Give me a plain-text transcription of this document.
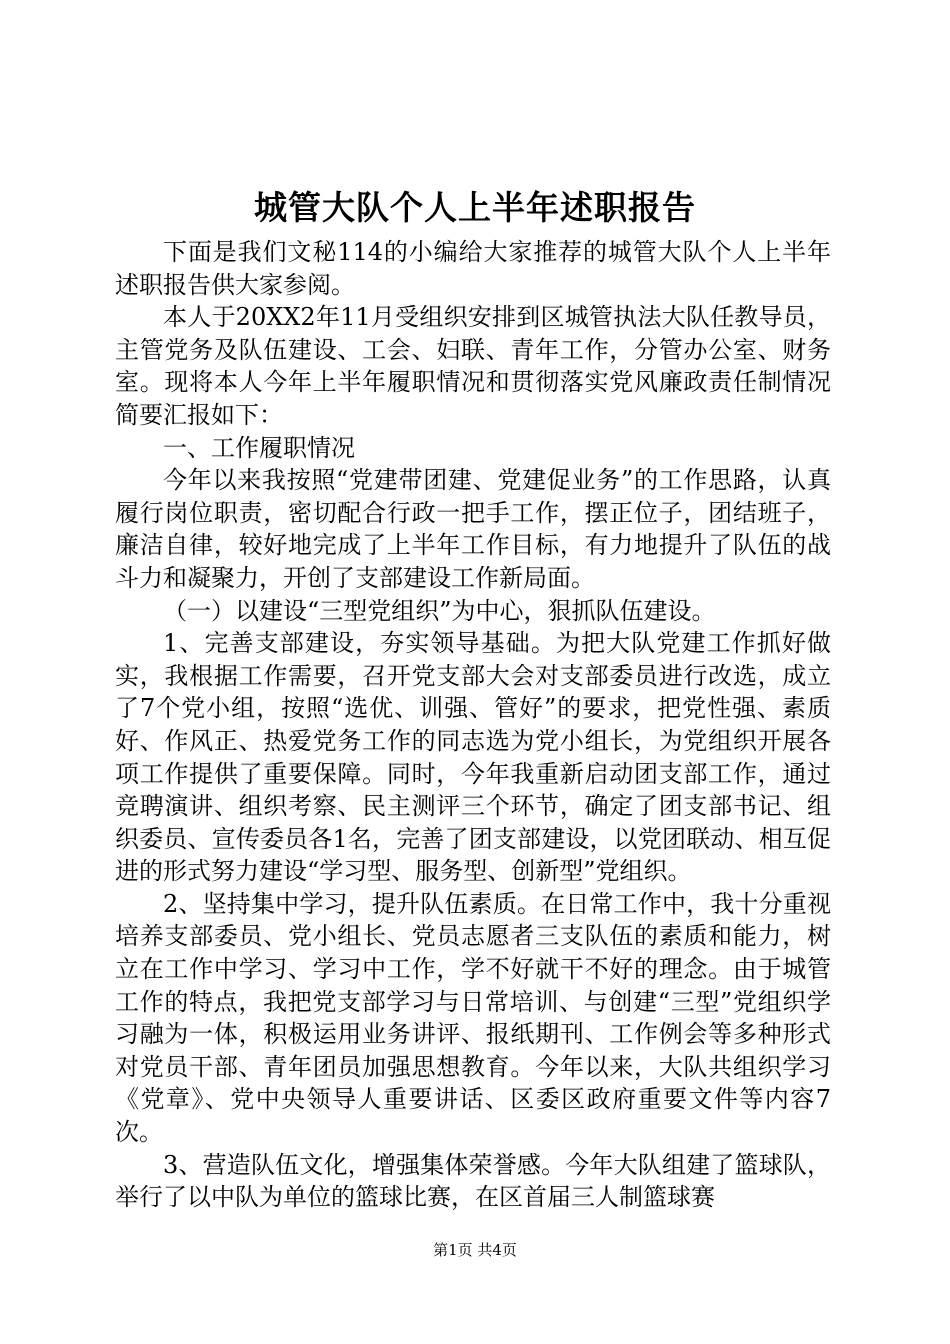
城管大队个人上半年述职报告

下面是我们文秘114的小编给大家推荐的城管大队个人上半年述职报告供大家参阅。

本人于20XX2年11月受组织安排到区城管执法大队任教导员，主管党务及队伍建设、工会、妇联、青年工作，分管办公室、财务室。现将本人今年上半年履职情况和贯彻落实党风廉政责任制情况简要汇报如下：

一、工作履职情况

今年以来我按照“党建带团建、党建促业务”的工作思路，认真履行岗位职责，密切配合行政一把手工作，摆正位子，团结班子，廉洁自律，较好地完成了上半年工作目标，有力地提升了队伍的战斗力和凝聚力，开创了支部建设工作新局面。

（一）以建设“三型党组织”为中心，狠抓队伍建设。

1、完善支部建设，夯实领导基础。为把大队党建工作抓好做实，我根据工作需要，召开党支部大会对支部委员进行改选，成立了7个党小组，按照“选优、训强、管好”的要求，把党性强、素质好、作风正、热爱党务工作的同志选为党小组长，为党组织开展各项工作提供了重要保障。同时，今年我重新启动团支部工作，通过竞聘演讲、组织考察、民主测评三个环节，确定了团支部书记、组织委员、宣传委员各1名，完善了团支部建设，以党团联动、相互促进的形式努力建设“学习型、服务型、创新型”党组织。

2、坚持集中学习，提升队伍素质。在日常工作中，我十分重视培养支部委员、党小组长、党员志愿者三支队伍的素质和能力，树立在工作中学习、学习中工作，学不好就干不好的理念。由于城管工作的特点，我把党支部学习与日常培训、与创建“三型”党组织学习融为一体，积极运用业务讲评、报纸期刊、工作例会等多种形式对党员干部、青年团员加强思想教育。今年以来，大队共组织学习《党章》、党中央领导人重要讲话、区委区政府重要文件等内容7次。

3、营造队伍文化，增强集体荣誉感。今年大队组建了篮球队，举行了以中队为单位的篮球比赛，在区首届三人制篮球赛

第1页 共4页
